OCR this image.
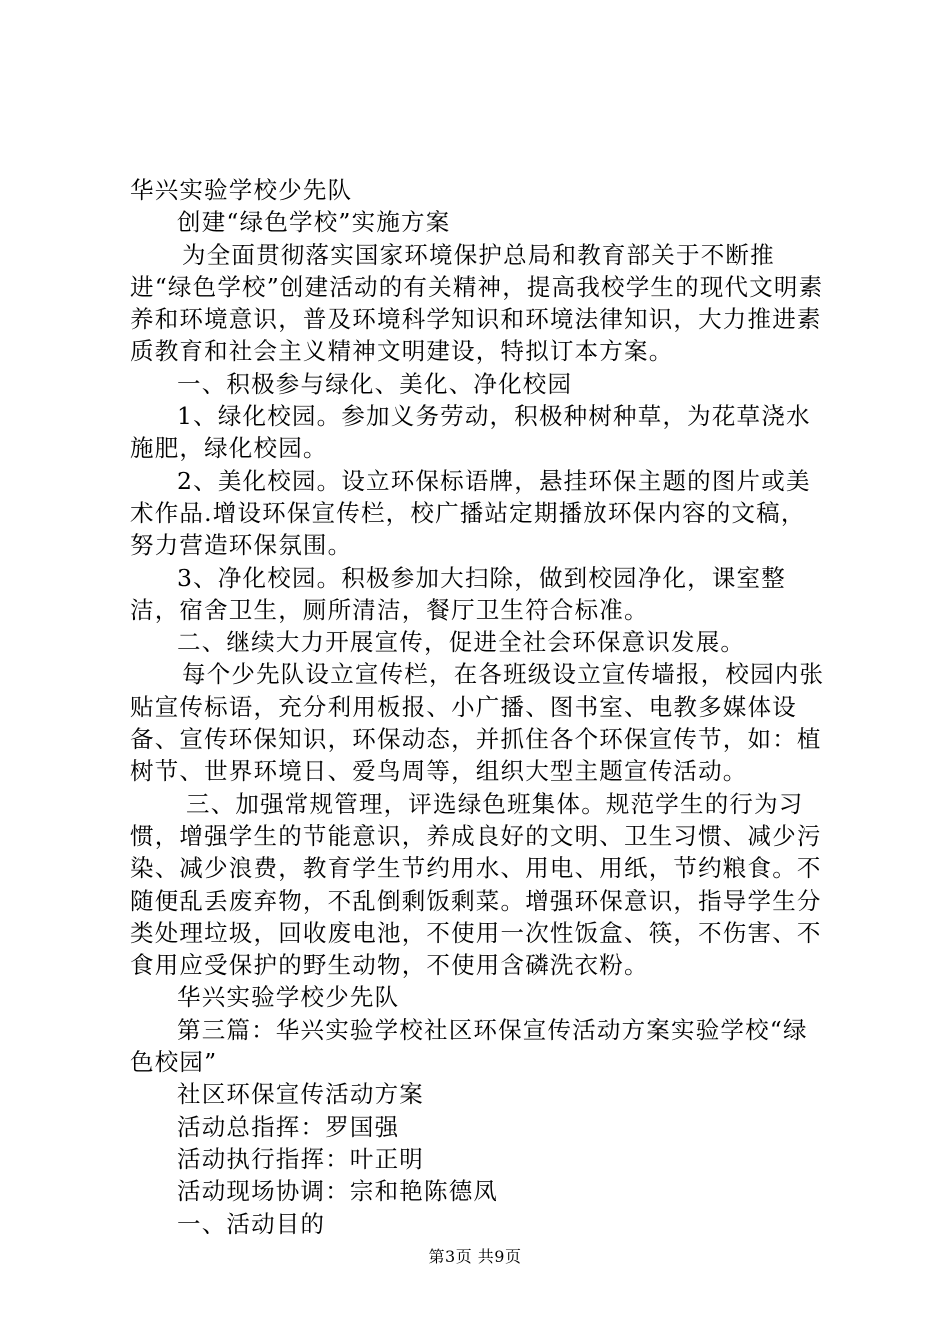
华兴实验学校少先队

创建“绿色学校”实施方案

为全面贯彻落实国家环境保护总局和教育部关于不断推进“绿色学校”创建活动的有关精神，提高我校学生的现代文明素养和环境意识，普及环境科学知识和环境法律知识，大力推进素质教育和社会主义精神文明建设，特拟订本方案。

一、积极参与绿化、美化、净化校园

1、绿化校园。参加义务劳动，积极种树种草，为花草浇水施肥，绿化校园。

2、美化校园。设立环保标语牌，悬挂环保主题的图片或美术作品.增设环保宣传栏，校广播站定期播放环保内容的文稿，努力营造环保氛围。

3、净化校园。积极参加大扫除，做到校园净化，课室整洁，宿舍卫生，厕所清洁，餐厅卫生符合标准。

二、继续大力开展宣传，促进全社会环保意识发展。

每个少先队设立宣传栏，在各班级设立宣传墙报，校园内张贴宣传标语，充分利用板报、小广播、图书室、电教多媒体设备、宣传环保知识，环保动态，并抓住各个环保宣传节，如：植树节、世界环境日、爱鸟周等，组织大型主题宣传活动。

三、加强常规管理，评选绿色班集体。规范学生的行为习惯，增强学生的节能意识，养成良好的文明、卫生习惯、减少污染、减少浪费，教育学生节约用水、用电、用纸，节约粮食。不随便乱丢废弃物，不乱倒剩饭剩菜。增强环保意识，指导学生分类处理垃圾，回收废电池，不使用一次性饭盒、筷，不伤害、不食用应受保护的野生动物，不使用含磷洗衣粉。

华兴实验学校少先队

第三篇：华兴实验学校社区环保宣传活动方案实验学校“绿色校园”

社区环保宣传活动方案

活动总指挥：罗国强

活动执行指挥：叶正明

活动现场协调：宗和艳陈德凤

一、活动目的

第3页 共9页
